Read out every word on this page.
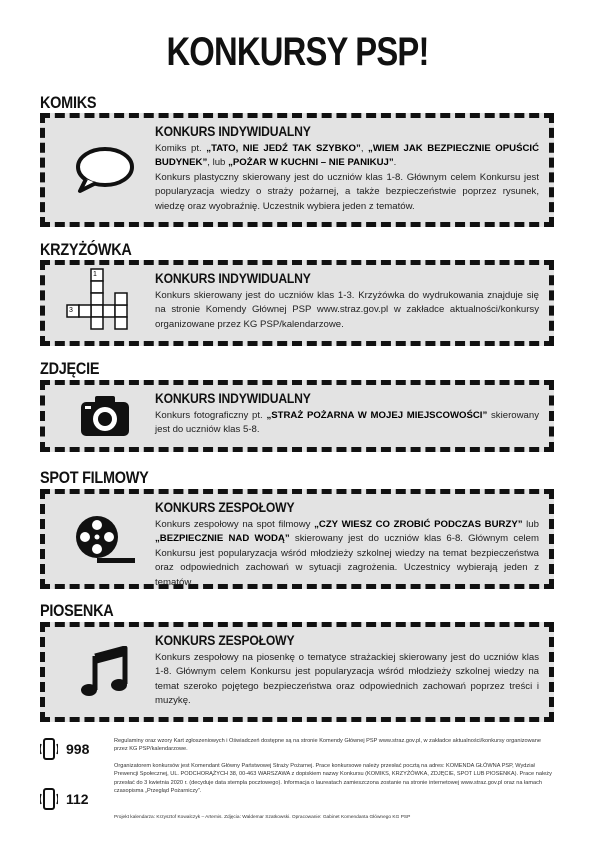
KONKURSY PSP!
KOMIKS
KONKURS INDYWIDUALNY

Komiks pt. „TATO, NIE JEDŹ TAK SZYBKO”, „WIEM JAK BEZPIECZNIE OPUŚCIĆ BUDYNEK”, lub „POŻAR W KUCHNI – NIE PANIKUJ”.

Konkurs plastyczny skierowany jest do uczniów klas 1-8. Głównym celem Konkursu jest popularyzacja wiedzy o straży pożarnej, a także bezpieczeństwie poprzez rysunek, wiedzę oraz wyobraźnię. Uczestnik wybiera jeden z tematów.

KRZYŻÓWKA
1
3
KONKURS INDYWIDUALNY

Konkurs skierowany jest do uczniów klas 1-3. Krzyżówka do wydrukowania znajduje się na stronie Komendy Głównej PSP www.straz.gov.pl w zakładce aktualności/konkursy organizowane przez KG PSP/kalendarzowe.

ZDJĘCIE
KONKURS INDYWIDUALNY

Konkurs fotograficzny pt. „STRAŻ POŻARNA W MOJEJ MIEJSCOWOŚCI” skierowany jest do uczniów klas 5-8.

SPOT FILMOWY
KONKURS ZESPOŁOWY

Konkurs zespołowy na spot filmowy „CZY WIESZ CO ZROBIĆ PODCZAS BURZY” lub „BEZPIECZNIE NAD WODĄ” skierowany jest do uczniów klas 6-8. Głównym celem Konkursu jest popularyzacja wśród młodzieży szkolnej wiedzy na temat bezpieczeństwa oraz odpowiednich zachowań w sytuacji zagrożenia. Uczestnicy wybierają jeden z tematów.

PIOSENKA
KONKURS ZESPOŁOWY

Konkurs zespołowy na piosenkę o tematyce strażackiej skierowany jest do uczniów klas 1-8. Głównym celem Konkursu jest popularyzacja wśród młodzieży szkolnej wiedzy na temat szeroko pojętego bezpieczeństwa oraz odpowiednich zachowań poprzez treści i muzykę.

998
112
Regulaminy oraz wzory Kart zgłoszeniowych i Oświadczeń dostępne są na stronie Komendy Głównej PSP www.straz.gov.pl, w zakładce aktualności/konkursy organizowane przez KG PSP/kalendarzowe.
Organizatorem konkursów jest Komendant Główny Państwowej Straży Pożarnej. Prace konkursowe należy przesłać pocztą na adres: KOMENDA GŁÓWNA PSP, Wydział Prewencji Społecznej, UL. PODCHORĄŻYCH 38, 00-463 WARSZAWA z dopiskiem nazwy Konkursu (KOMIKS, KRZYŻÓWKA, ZDJĘCIE, SPOT LUB PIOSENKA). Prace należy przesłać do 3 kwietnia 2020 r. (decyduje data stempla pocztowego). Informacja o laureatach zamieszczona zostanie na stronie internetowej www.straz.gov.pl oraz na łamach czasopisma „Przegląd Pożarniczy”.
Projekt kalendarza: Krzysztof Kowalczyk – Artemis. Zdjęcia: Waldemar Szatkowski. Opracowanie: Gabinet Komendanta Głównego KG PSP
